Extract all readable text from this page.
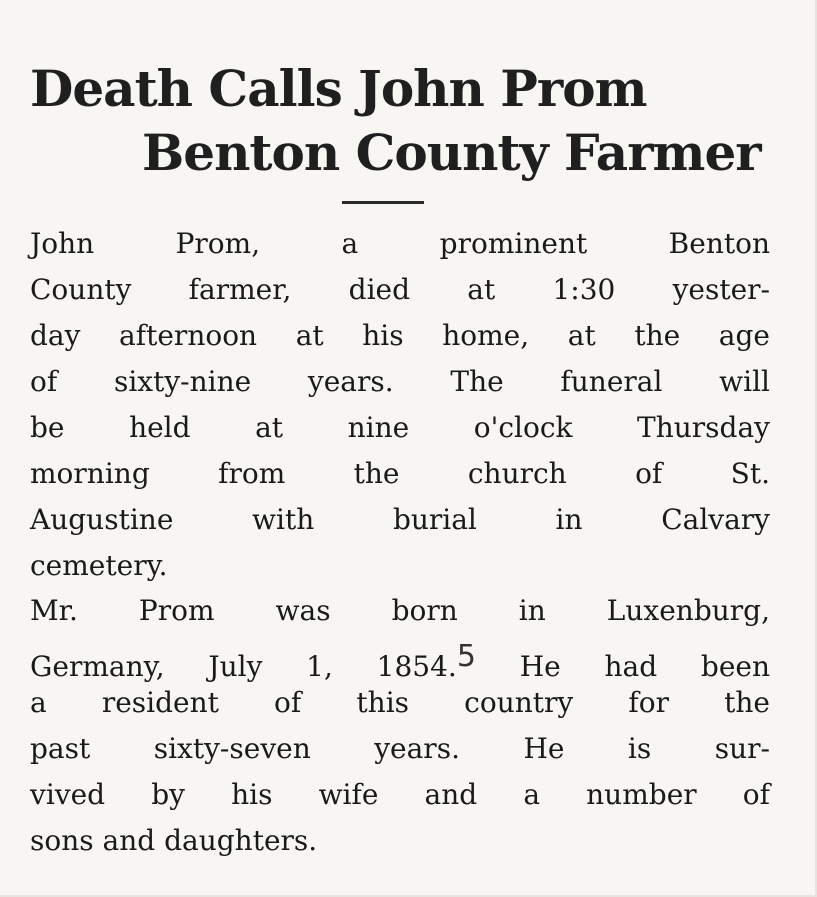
Death Calls John Prom
Benton County Farmer
John Prom, a prominent Benton
County farmer, died at 1:30 yester-
day afternoon at his home, at the age
of sixty-nine years. The funeral will
be held at nine o'clock Thursday
morning from the church of St.
Augustine with burial in Calvary
cemetery.
Mr. Prom was born in Luxenburg,
Germany, July 1, 1854.5 He had been
a resident of this country for the
past sixty-seven years. He is sur-
vived by his wife and a number of
sons and daughters.
